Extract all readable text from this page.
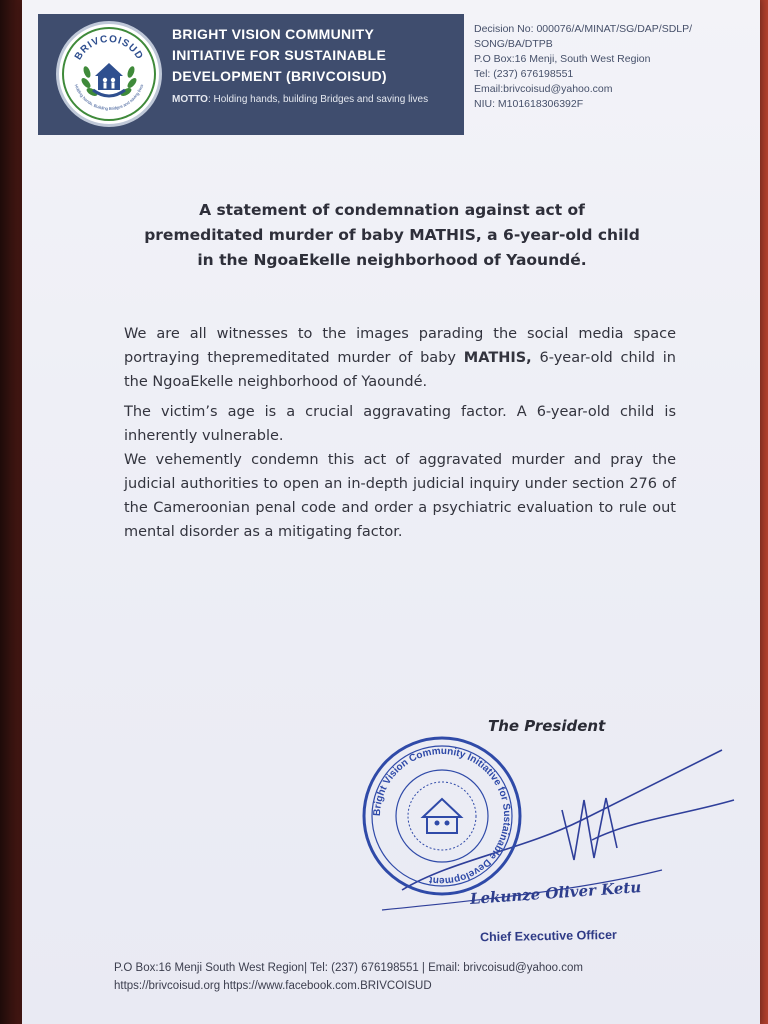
BRIVCOISUD
Holding hands, Building Bridges and saving lives
BRIGHT VISION COMMUNITY
INITIATIVE FOR SUSTAINABLE
DEVELOPMENT (BRIVCOISUD)
MOTTO: Holding hands, building Bridges and saving lives
Decision No: 000076/A/MINAT/SG/DAP/SDLP/
SONG/BA/DTPB
P.O Box:16 Menji, South West Region
Tel: (237) 676198551
Email:brivcoisud@yahoo.com
NIU: M101618306392F
A statement of condemnation against act of
premeditated murder of baby MATHIS, a 6-year-old child
in the NgoaEkelle neighborhood of Yaoundé.

We are all witnesses to the images parading the social media space portraying thepremeditated murder of baby MATHIS, 6-year-old child in the NgoaEkelle neighborhood of Yaoundé.

The victim’s age is a crucial aggravating factor. A 6-year-old child is inherently vulnerable.

We vehemently condemn this act of aggravated murder and pray the judicial authorities to open an in-depth judicial inquiry under section 276 of the Cameroonian penal code and order a psychiatric evaluation to rule out mental disorder as a mitigating factor.

The President
Bright Vision Community Initiative for Sustainable Development	Lekunze Oliver Ketu
Chief Executive Officer
P.O Box:16 Menji South West Region| Tel: (237) 676198551 | Email: brivcoisud@yahoo.com
https://brivcoisud.org https://www.facebook.com.BRIVCOISUD
